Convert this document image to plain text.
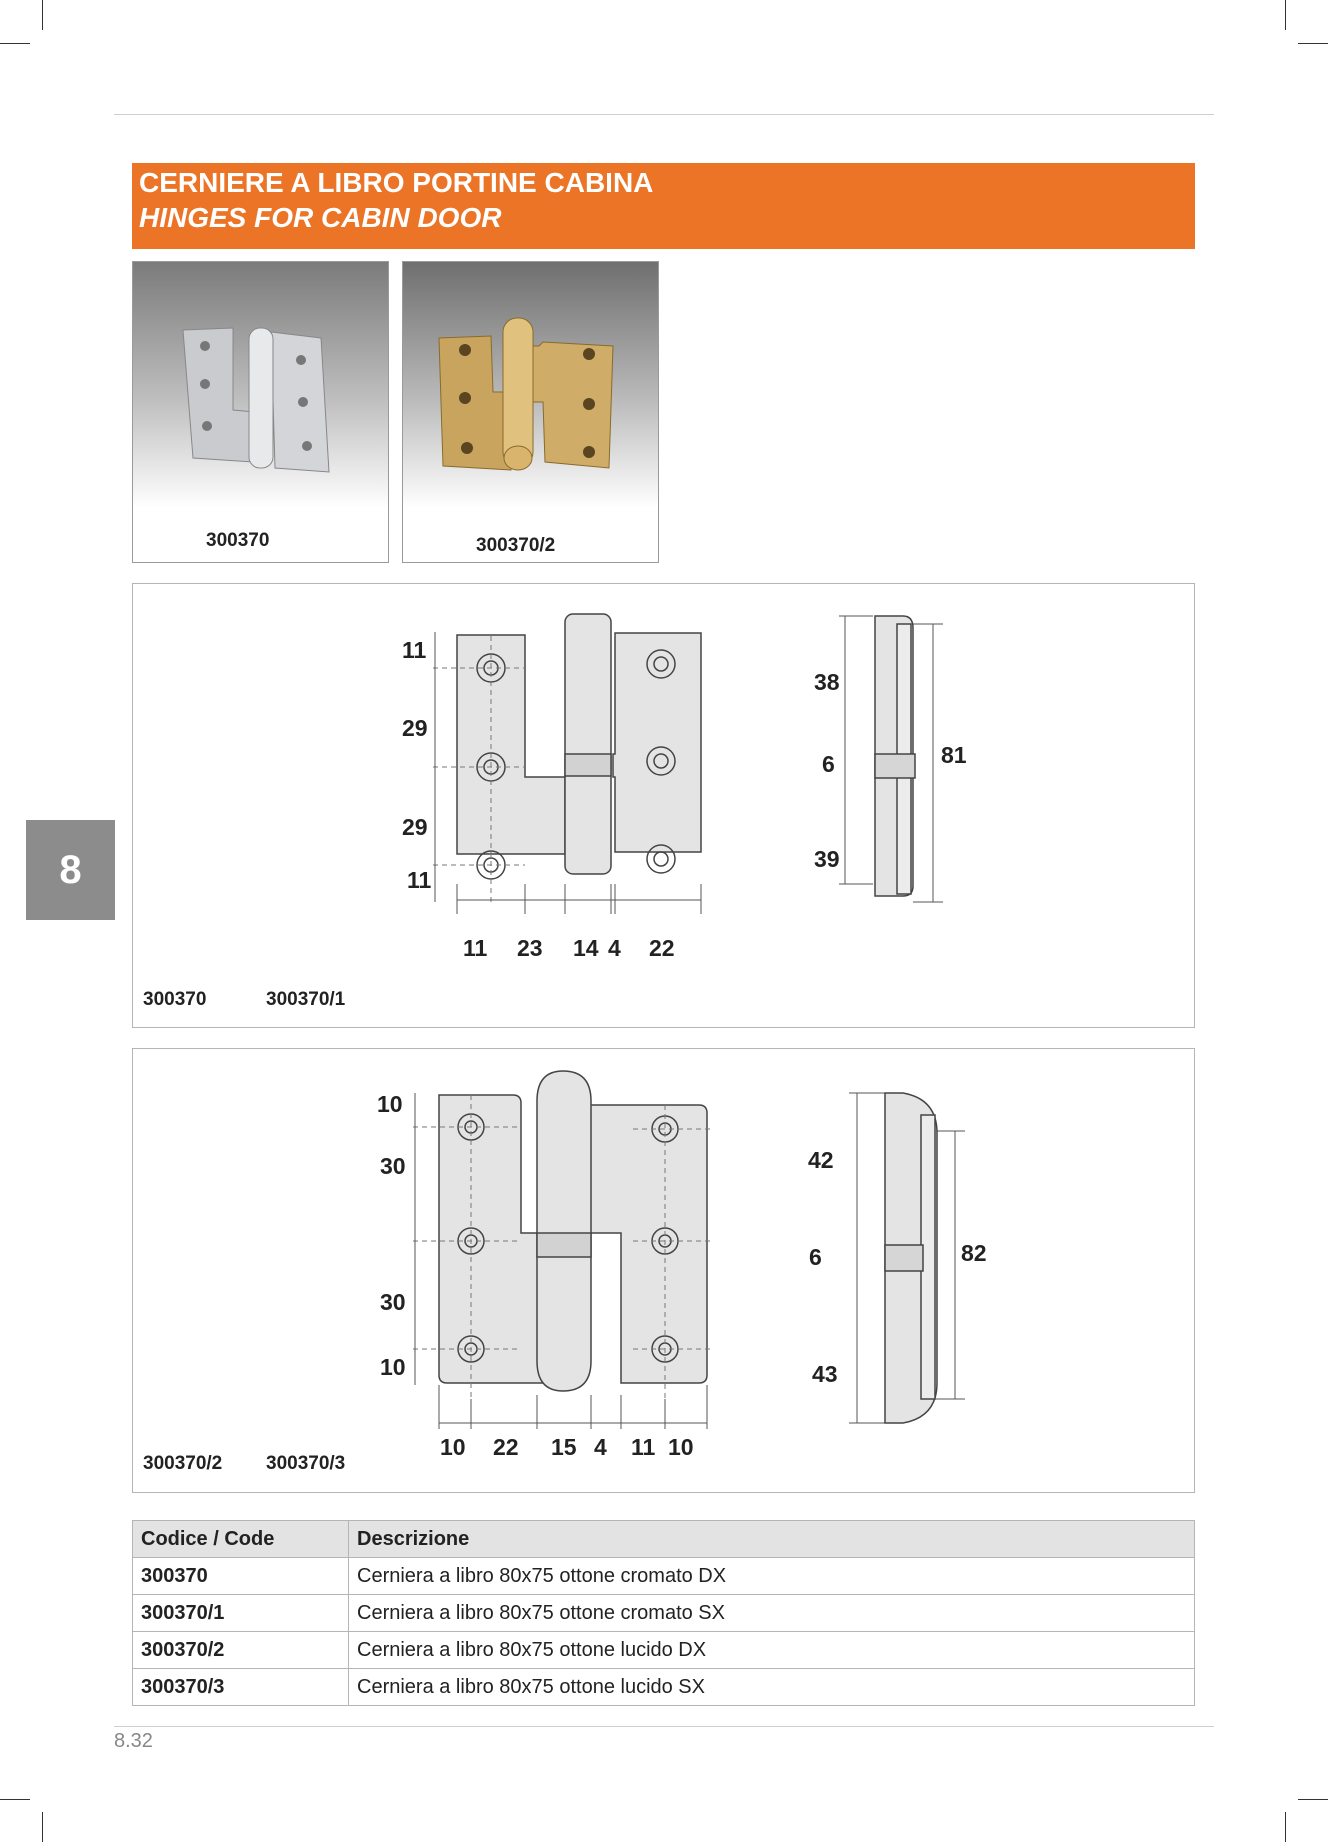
8
CERNIERE A LIBRO PORTINE CABINA
HINGES FOR CABIN DOOR
300370	300370/2
11
29
29
11
11 23 14 4 22
38
6
39
81
300370	300370/1
10
30
30
10
10 22 15 4 11 10
42
6
43
82
300370/2 300370/3
Codice / Code	Descrizione
300370	Cerniera a libro 80x75 ottone cromato DX
300370/1	Cerniera a libro 80x75 ottone cromato SX
300370/2	Cerniera a libro 80x75 ottone lucido DX
300370/3	Cerniera a libro 80x75 ottone lucido SX
8.32
